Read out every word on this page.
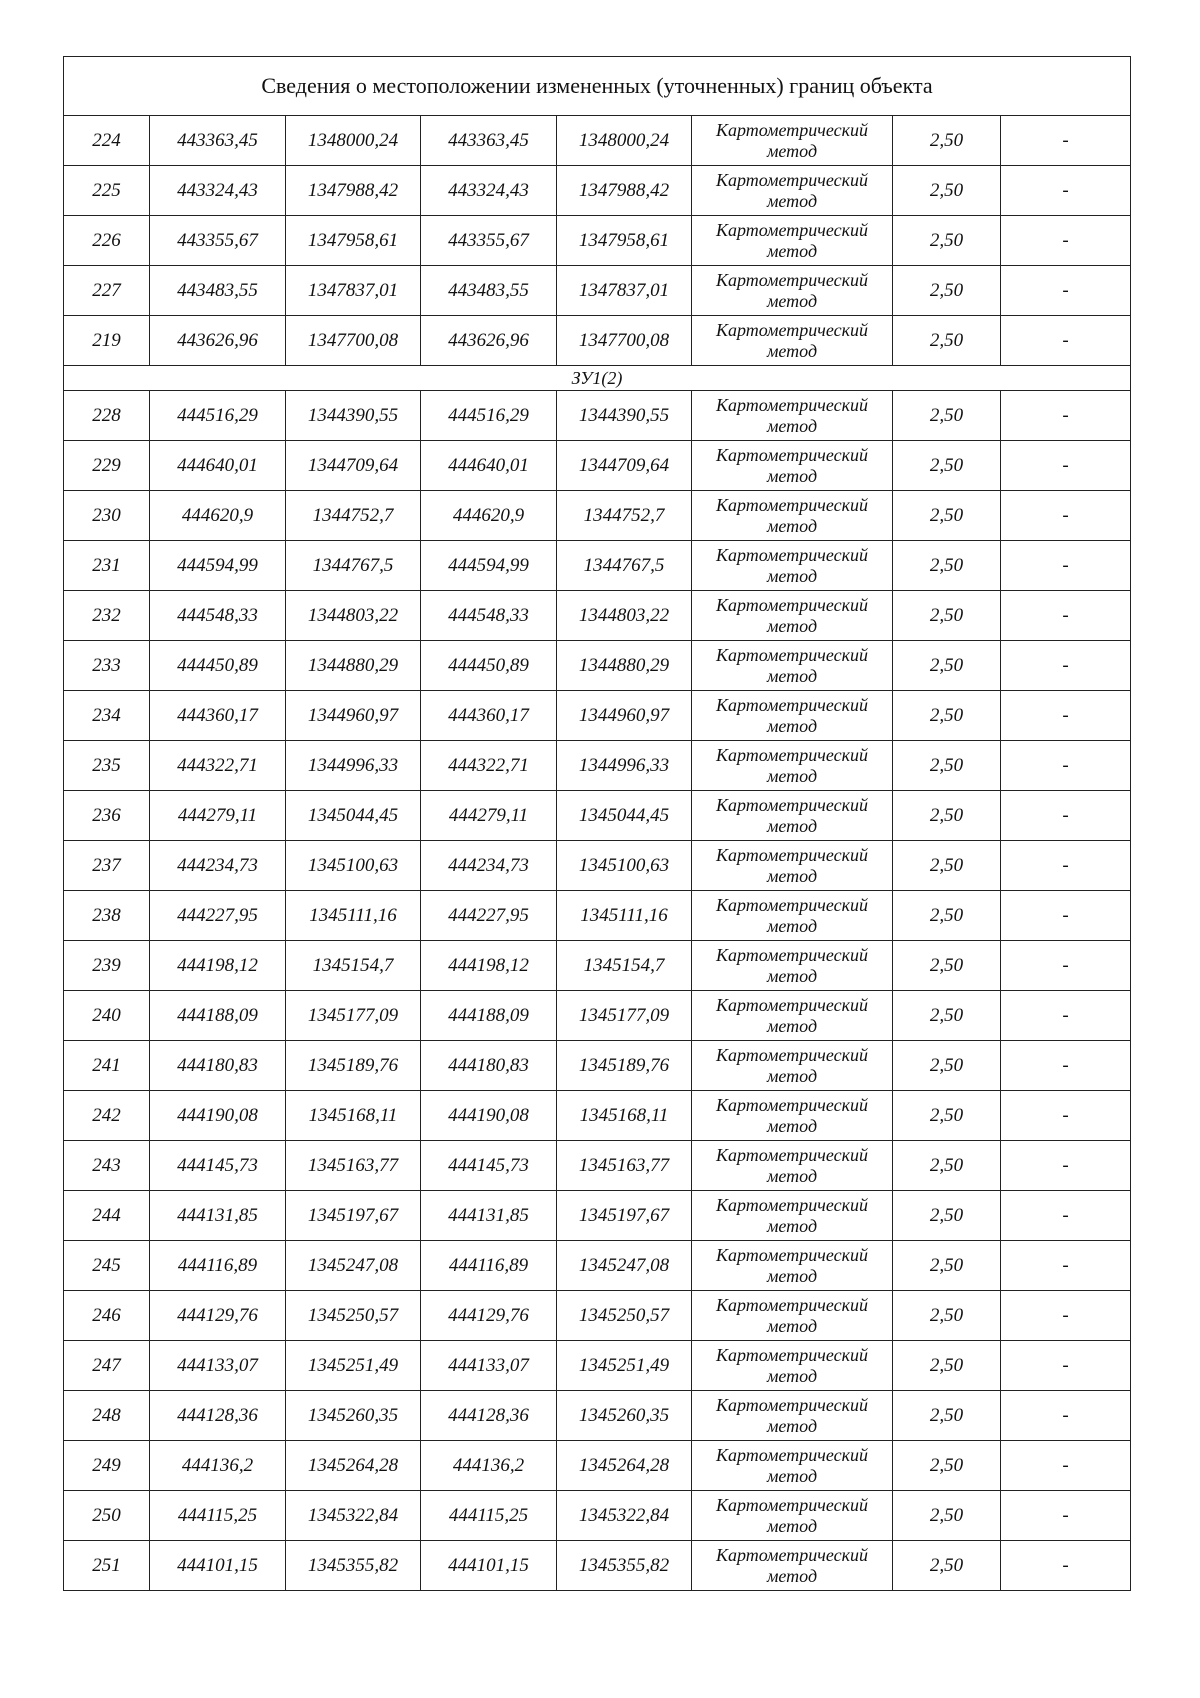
Сведения о местоположении измененных (уточненных) границ объекта							
224	443363,45	1348000,24	443363,45	1348000,24	Картометрический метод	2,50	-
225	443324,43	1347988,42	443324,43	1347988,42	Картометрический метод	2,50	-
226	443355,67	1347958,61	443355,67	1347958,61	Картометрический метод	2,50	-
227	443483,55	1347837,01	443483,55	1347837,01	Картометрический метод	2,50	-
219	443626,96	1347700,08	443626,96	1347700,08	Картометрический метод	2,50	-
ЗУ1(2)							
228	444516,29	1344390,55	444516,29	1344390,55	Картометрический метод	2,50	-
229	444640,01	1344709,64	444640,01	1344709,64	Картометрический метод	2,50	-
230	444620,9	1344752,7	444620,9	1344752,7	Картометрический метод	2,50	-
231	444594,99	1344767,5	444594,99	1344767,5	Картометрический метод	2,50	-
232	444548,33	1344803,22	444548,33	1344803,22	Картометрический метод	2,50	-
233	444450,89	1344880,29	444450,89	1344880,29	Картометрический метод	2,50	-
234	444360,17	1344960,97	444360,17	1344960,97	Картометрический метод	2,50	-
235	444322,71	1344996,33	444322,71	1344996,33	Картометрический метод	2,50	-
236	444279,11	1345044,45	444279,11	1345044,45	Картометрический метод	2,50	-
237	444234,73	1345100,63	444234,73	1345100,63	Картометрический метод	2,50	-
238	444227,95	1345111,16	444227,95	1345111,16	Картометрический метод	2,50	-
239	444198,12	1345154,7	444198,12	1345154,7	Картометрический метод	2,50	-
240	444188,09	1345177,09	444188,09	1345177,09	Картометрический метод	2,50	-
241	444180,83	1345189,76	444180,83	1345189,76	Картометрический метод	2,50	-
242	444190,08	1345168,11	444190,08	1345168,11	Картометрический метод	2,50	-
243	444145,73	1345163,77	444145,73	1345163,77	Картометрический метод	2,50	-
244	444131,85	1345197,67	444131,85	1345197,67	Картометрический метод	2,50	-
245	444116,89	1345247,08	444116,89	1345247,08	Картометрический метод	2,50	-
246	444129,76	1345250,57	444129,76	1345250,57	Картометрический метод	2,50	-
247	444133,07	1345251,49	444133,07	1345251,49	Картометрический метод	2,50	-
248	444128,36	1345260,35	444128,36	1345260,35	Картометрический метод	2,50	-
249	444136,2	1345264,28	444136,2	1345264,28	Картометрический метод	2,50	-
250	444115,25	1345322,84	444115,25	1345322,84	Картометрический метод	2,50	-
251	444101,15	1345355,82	444101,15	1345355,82	Картометрический метод	2,50	-
